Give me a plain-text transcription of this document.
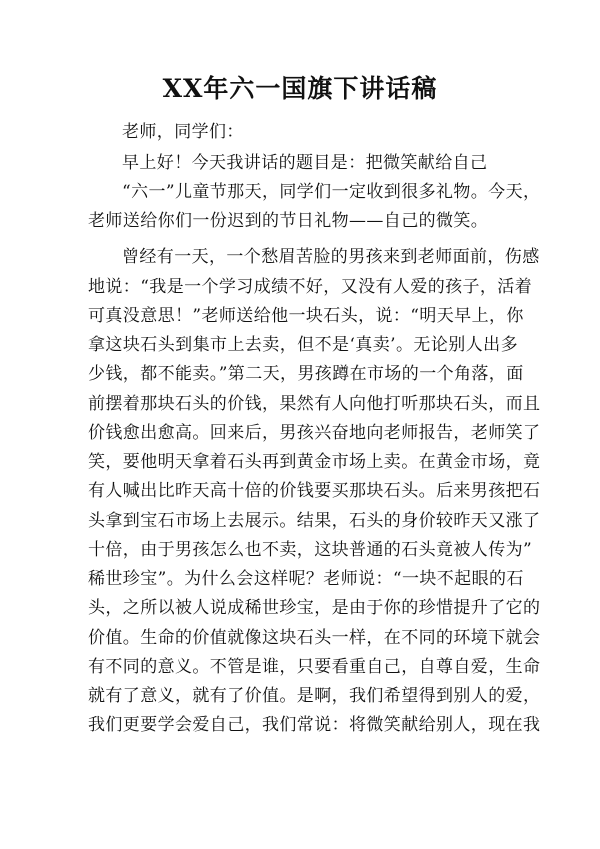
XX年六一国旗下讲话稿

老师，同学们：

早上好！今天我讲话的题目是：把微笑献给自己

“六一”儿童节那天，同学们一定收到很多礼物。今天，

老师送给你们一份迟到的节日礼物——自己的微笑。

曾经有一天，一个愁眉苦脸的男孩来到老师面前，伤感

地说：“我是一个学习成绩不好，又没有人爱的孩子，活着

可真没意思！”老师送给他一块石头，说：“明天早上，你

拿这块石头到集市上去卖，但不是‘真卖’。无论别人出多

少钱，都不能卖。”第二天，男孩蹲在市场的一个角落，面

前摆着那块石头的价钱，果然有人向他打听那块石头，而且

价钱愈出愈高。回来后，男孩兴奋地向老师报告，老师笑了

笑，要他明天拿着石头再到黄金市场上卖。在黄金市场，竟

有人喊出比昨天高十倍的价钱要买那块石头。后来男孩把石

头拿到宝石市场上去展示。结果，石头的身价较昨天又涨了

十倍，由于男孩怎么也不卖，这块普通的石头竟被人传为”

稀世珍宝”。为什么会这样呢？老师说：“一块不起眼的石

头，之所以被人说成稀世珍宝，是由于你的珍惜提升了它的

价值。生命的价值就像这块石头一样，在不同的环境下就会

有不同的意义。不管是谁，只要看重自己，自尊自爱，生命

就有了意义，就有了价值。是啊，我们希望得到别人的爱，

我们更要学会爱自己，我们常说：将微笑献给别人，现在我
